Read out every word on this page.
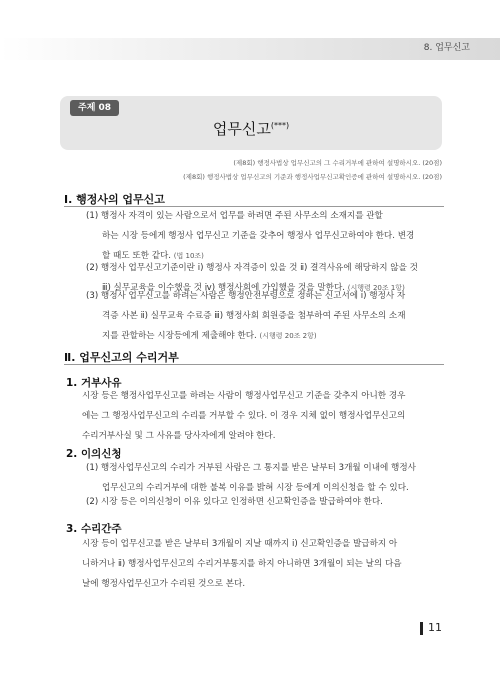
8. 업무신고
주제 08
업무신고(***)
(제8회) 행정사법상 업무신고의 그 수리거부에 관하여 설명하시오. (20점)
(제8회) 행정사법상 업무신고의 기준과 행정사업무신고확인증에 관하여 설명하시오. (20점)
Ⅰ. 행정사의 업무신고
(1) 행정사 자격이 있는 사람으로서 업무를 하려면 주된 사무소의 소재지를 관할
하는 시장 등에게 행정사 업무신고 기준을 갖추어 행정사 업무신고하여야 한다. 변경
할 때도 또한 같다. (법 10조)
(2) 행정사 업무신고기준이란 ⅰ) 행정사 자격증이 있을 것 ⅱ) 결격사유에 해당하지 않을 것
ⅲ) 실무교육을 이수했을 것 ⅳ) 행정사회에 가입했을 것을 말한다. (시행령 20조 1항)
(3) 행정사 업무신고를 하려는 사람은 행정안전부령으로 정하는 신고서에 ⅰ) 행정사 자
격증 사본 ⅱ) 실무교육 수료증 ⅲ) 행정사회 회원증을 첨부하여 주된 사무소의 소재
지를 관할하는 시장등에게 제출해야 한다. (시행령 20조 2항)
Ⅱ. 업무신고의 수리거부
1. 거부사유
시장 등은 행정사업무신고를 하려는 사람이 행정사업무신고 기준을 갖추지 아니한 경우
에는 그 행정사업무신고의 수리를 거부할 수 있다. 이 경우 지체 없이 행정사업무신고의
수리거부사실 및 그 사유를 당사자에게 알려야 한다.
2. 이의신청
(1) 행정사업무신고의 수리가 거부된 사람은 그 통지를 받은 날부터 3개월 이내에 행정사
업무신고의 수리거부에 대한 불복 이유를 밝혀 시장 등에게 이의신청을 할 수 있다.
(2) 시장 등은 이의신청이 이유 있다고 인정하면 신고확인증을 발급하여야 한다.
3. 수리간주
시장 등이 업무신고를 받은 날부터 3개월이 지날 때까지 ⅰ) 신고확인증을 발급하지 아
니하거나 ⅱ) 행정사업무신고의 수리거부통지를 하지 아니하면 3개월이 되는 날의 다음
날에 행정사업무신고가 수리된 것으로 본다.
11
